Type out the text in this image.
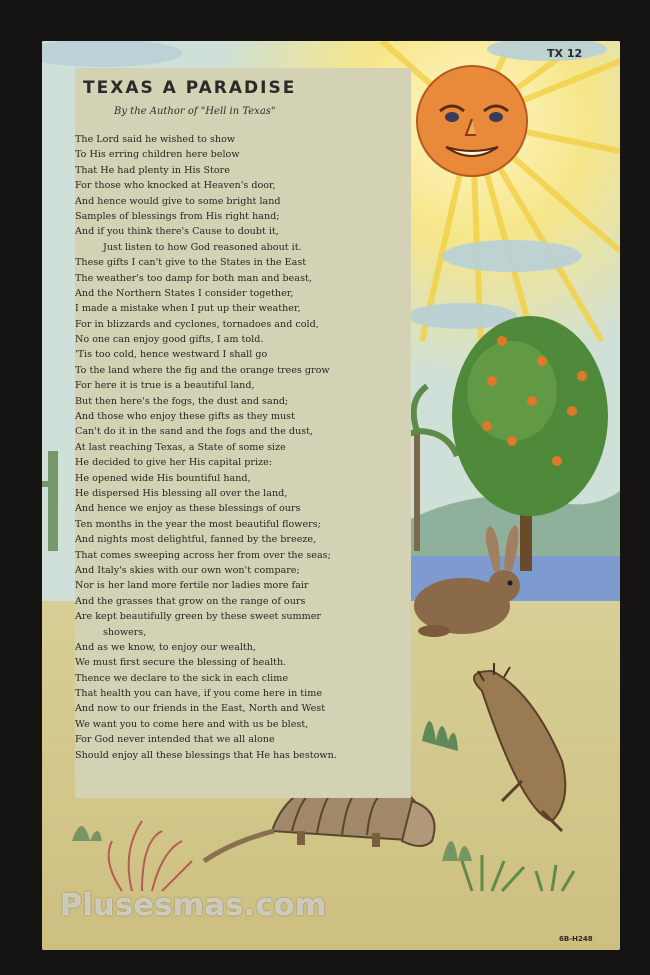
TEXAS A PARADISE
By the Author of "Hell in Texas"
The Lord said he wished to show
To His erring children here below
That He had plenty in His Store
For those who knocked at Heaven's door,
And hence would give to some bright land
Samples of blessings from His right hand;
And if you think there's Cause to doubt it,
Just listen to how God reasoned about it.
These gifts I can't give to the States in the East
The weather's too damp for both man and beast,
And the Northern States I consider together,
I made a mistake when I put up their weather,
For in blizzards and cyclones, tornadoes and cold,
No one can enjoy good gifts, I am told.
'Tis too cold, hence westward I shall go
To the land where the fig and the orange trees grow
For here it is true is a beautiful land,
But then here's the fogs, the dust and sand;
And those who enjoy these gifts as they must
Can't do it in the sand and the fogs and the dust,
At last reaching Texas, a State of some size
He decided to give her His capital prize:
He opened wide His bountiful hand,
He dispersed His blessing all over the land,
And hence we enjoy as these blessings of ours
Ten months in the year the most beautiful flowers;
And nights most delightful, fanned by the breeze,
That comes sweeping across her from over the seas;
And Italy's skies with our own won't compare;
Nor is her land more fertile nor ladies more fair
And the grasses that grow on the range of ours
Are kept beautifully green by these sweet summer
showers,
And as we know, to enjoy our wealth,
We must first secure the blessing of health.
Thence we declare to the sick in each clime
That health you can have, if you come here in time
And now to our friends in the East, North and West
We want you to come here and with us be blest,
For God never intended that we all alone
Should enjoy all these blessings that He has bestown.
TX 12
6B-H248
Plusesmas.com
